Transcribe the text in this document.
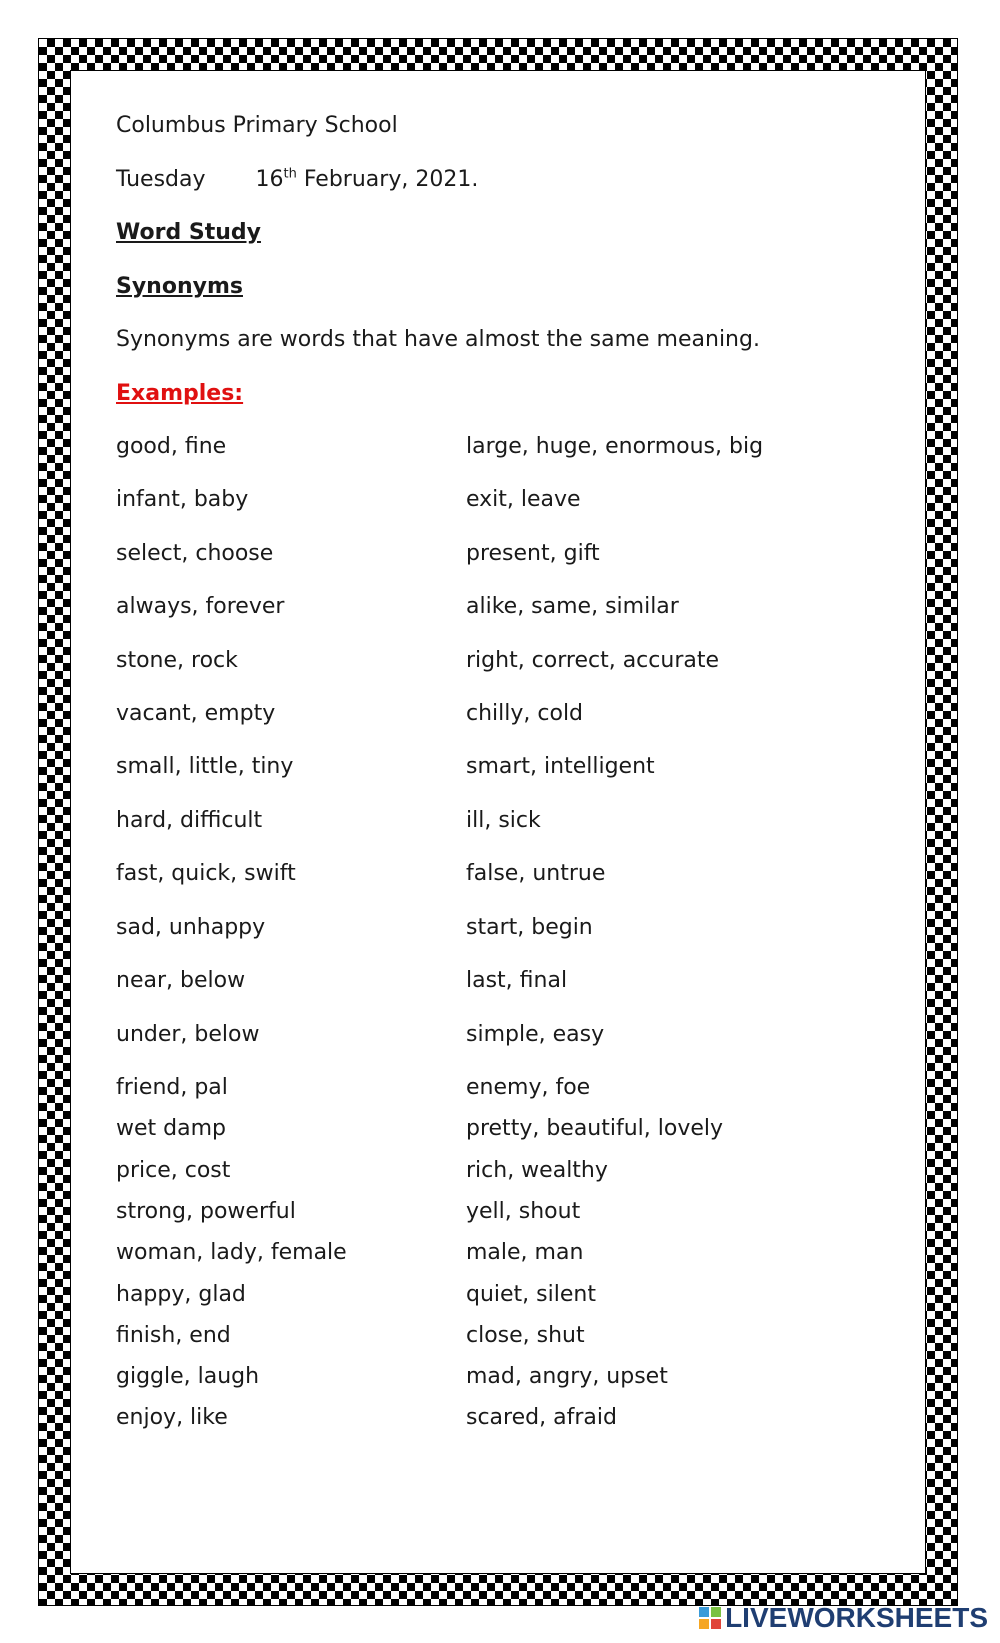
Columbus Primary School
Tuesday 16th February, 2021.
Word Study
Synonyms
Synonyms are words that have almost the same meaning.
Examples:
good, fine	large, huge, enormous, big
infant, baby	exit, leave
select, choose	present, gift
always, forever	alike, same, similar
stone, rock	right, correct, accurate
vacant, empty	chilly, cold
small, little, tiny	smart, intelligent
hard, difficult	ill, sick
fast, quick, swift	false, untrue
sad, unhappy	start, begin
near, below	last, final
under, below	simple, easy
friend, pal	enemy, foe
wet damp	pretty, beautiful, lovely
price, cost	rich, wealthy
strong, powerful	yell, shout
woman, lady, female	male, man
happy, glad	quiet, silent
finish, end	close, shut
giggle, laugh	mad, angry, upset
enjoy, like	scared, afraid
LIVEWORKSHEETS
